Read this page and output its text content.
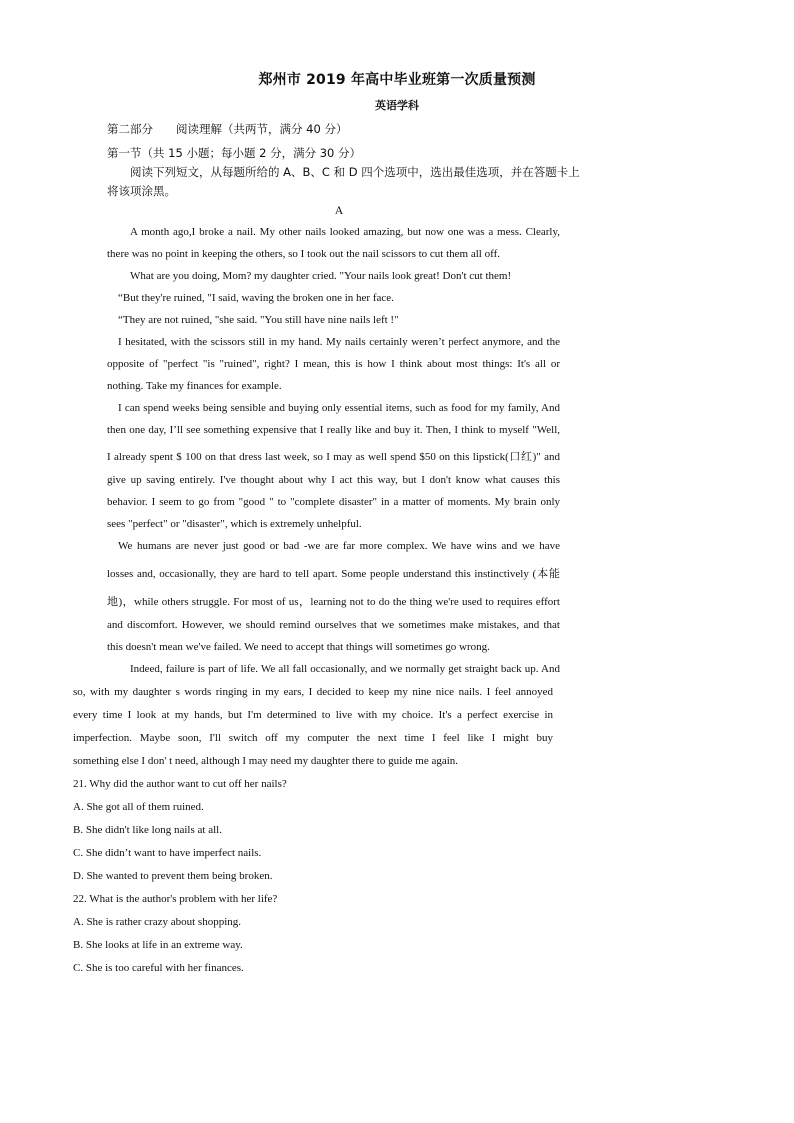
郑州市 2019 年高中毕业班第一次质量预测
英语学科
第二部分　　阅读理解（共两节，满分 40 分）
第一节（共 15 小题；每小题 2 分，满分 30 分）
阅读下列短文，从每题所给的 A、B、C 和 D 四个选项中，选出最佳选项，并在答题卡上
将该项涂黑。
A
A month ago,I broke a nail. My other nails looked amazing, but now one was a mess. Clearly,
there was no point in keeping the others, so I took out the nail scissors to cut them all off.
What are you doing, Mom? my daughter cried. "Your nails look great! Don't cut them!
“But they're ruined, "I said, waving the broken one in her face.
“They are not ruined, "she said. "You still have nine nails left !"
I hesitated, with the scissors still in my hand. My nails certainly weren’t perfect anymore, and the
opposite of "perfect "is "ruined", right? I mean, this is how I think about most things: It's all or
nothing. Take my finances for example.
I can spend weeks being sensible and buying only essential items, such as food for my family, And
then one day, I’ll see something expensive that I really like and buy it. Then, I think to myself "Well,
I already spent $ 100 on that dress last week, so I may as well spend $50 on this lipstick(口红)" and
give up saving entirely. I've thought about why I act this way, but I don't know what causes this
behavior. I seem to go from "good " to "complete disaster" in a matter of moments. My brain only
sees "perfect" or "disaster", which is extremely unhelpful.
We humans are never just good or bad -we are far more complex. We have wins and we have
losses and, occasionally, they are hard to tell apart. Some people understand this instinctively (本能
地)，while others struggle. For most of us，learning not to do the thing we're used to requires effort
and discomfort. However, we should remind ourselves that we sometimes make mistakes, and that
this doesn't mean we've failed. We need to accept that things will sometimes go wrong.
Indeed, failure is part of life. We all fall occasionally, and we normally get straight back up. And
so, with my daughter s words ringing in my ears, I decided to keep my nine nice nails. I feel annoyed
every time I look at my hands, but I'm determined to live with my choice. It's a perfect exercise in
imperfection. Maybe soon, I'll switch off my computer the next time I feel like I might buy
something else I don' t need, although I may need my daughter there to guide me again.
21. Why did the author want to cut off her nails?
A. She got all of them ruined.
B. She didn't like long nails at all.
C. She didn’t want to have imperfect nails.
D. She wanted to prevent them being broken.
22. What is the author's problem with her life?
A. She is rather crazy about shopping.
B. She looks at life in an extreme way.
C. She is too careful with her finances.
